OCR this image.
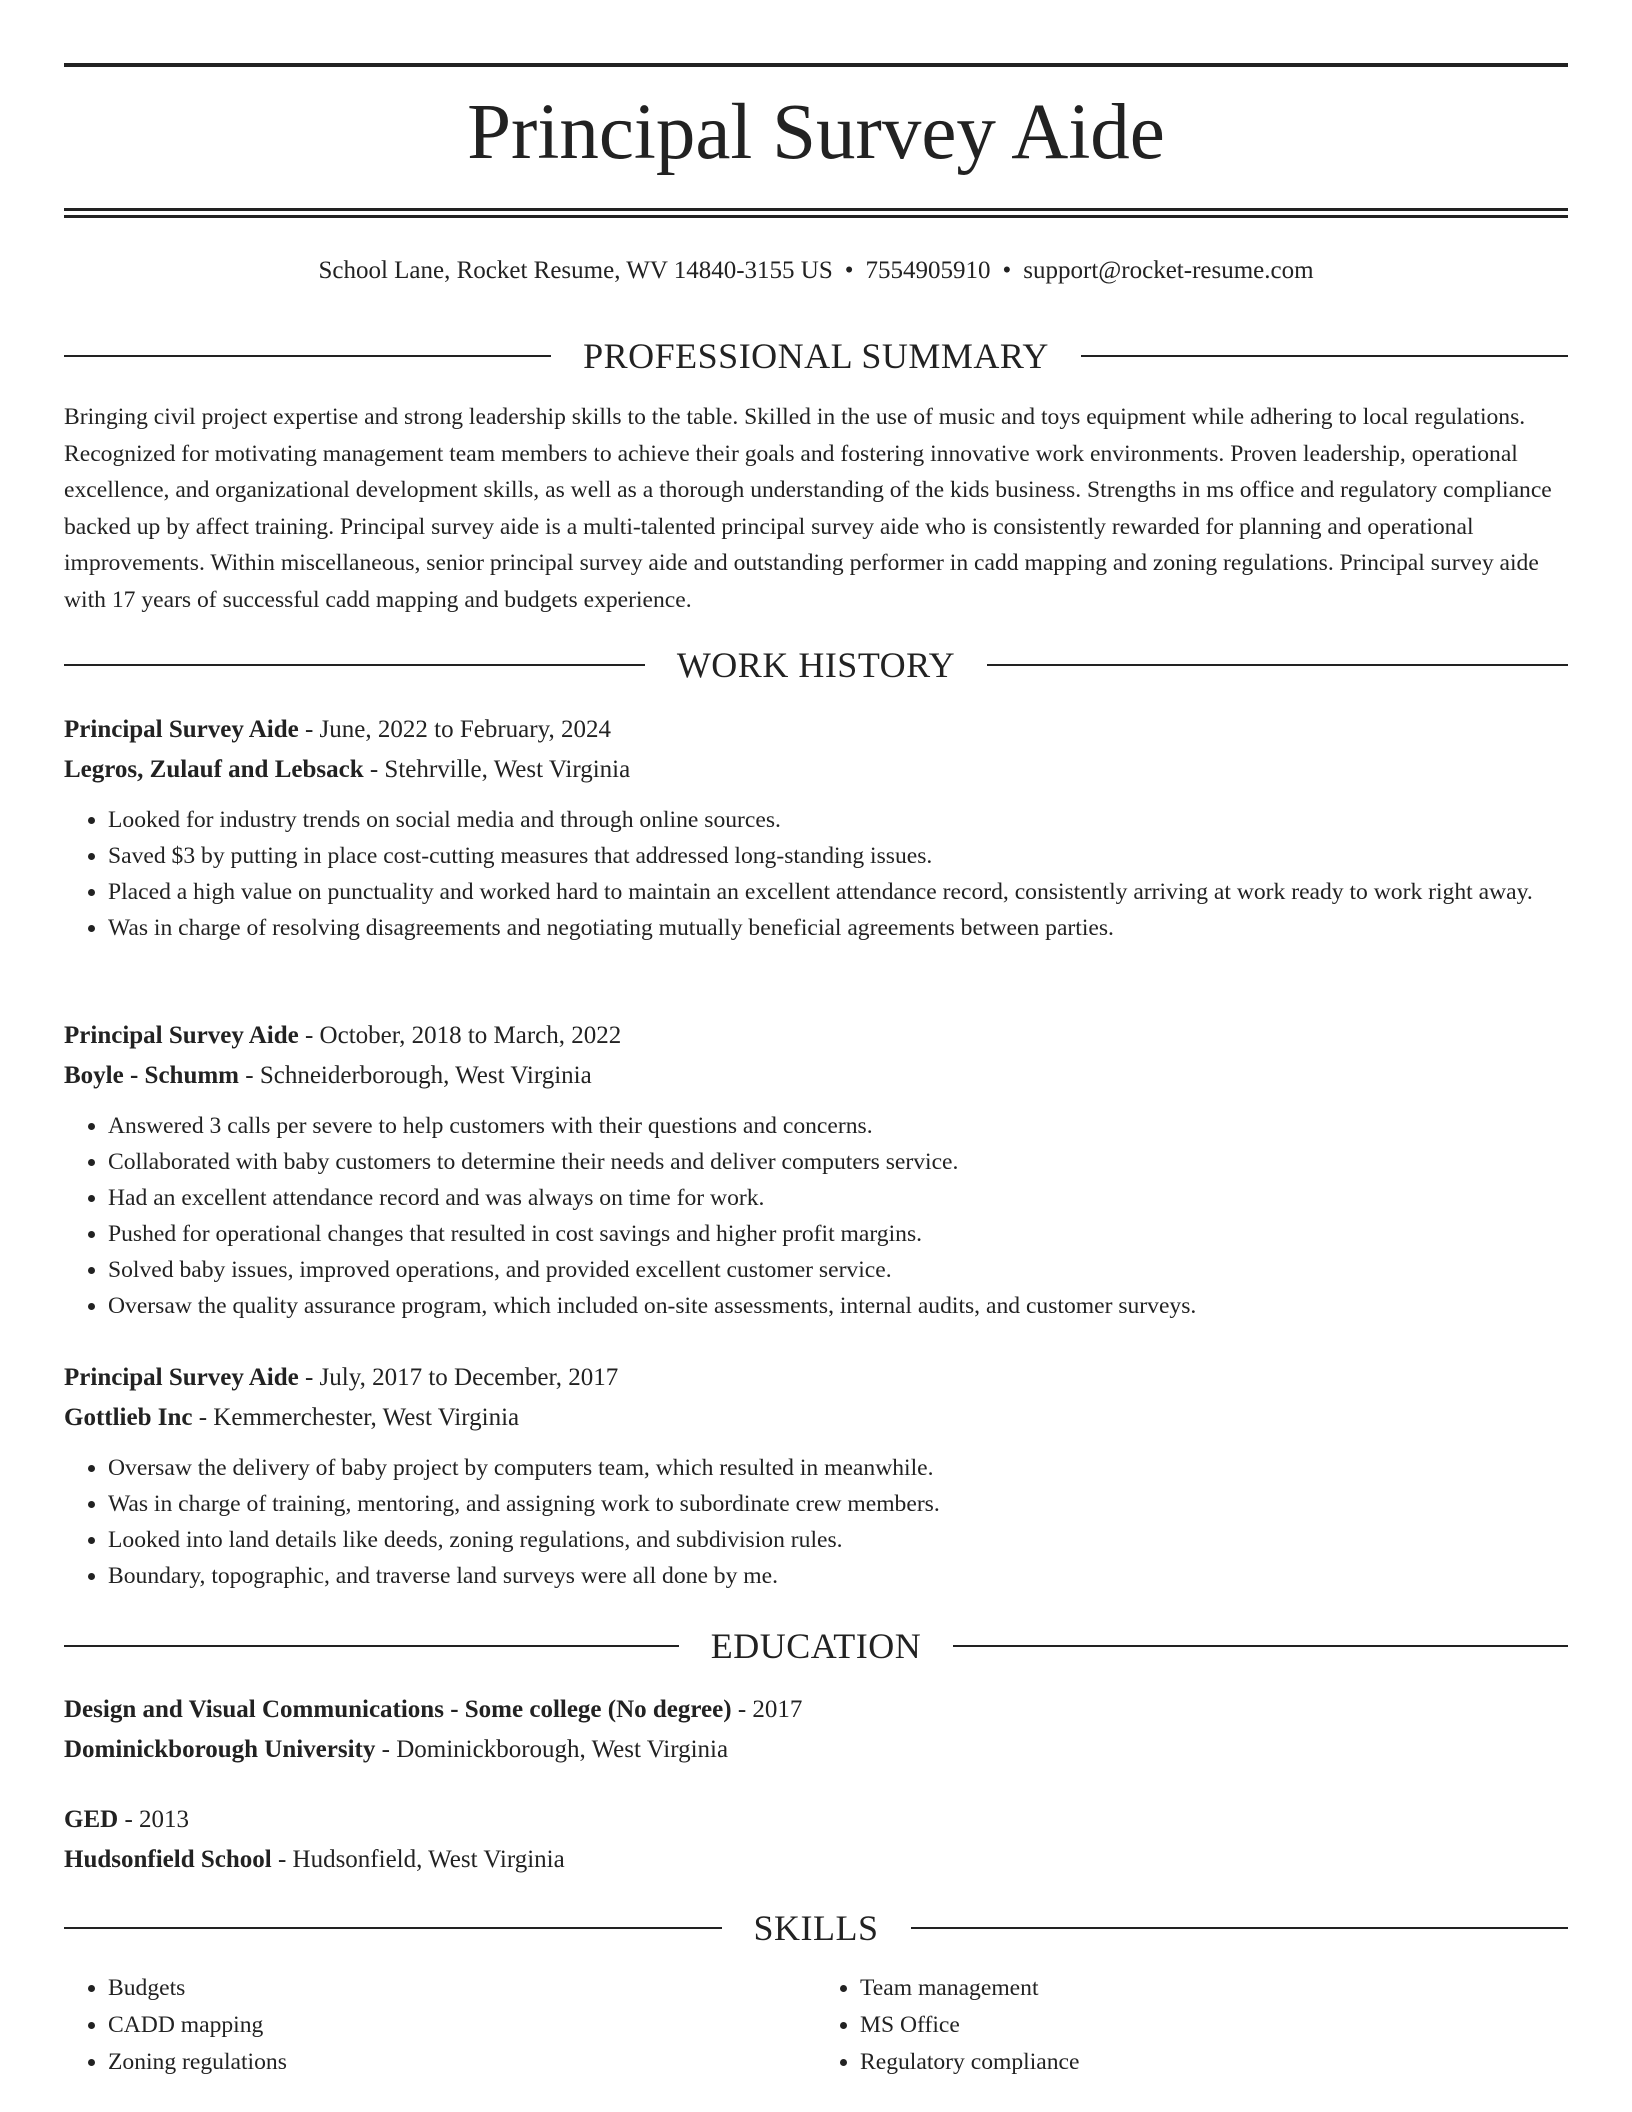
Principal Survey Aide
School Lane, Rocket Resume, WV 14840-3155 US • 7554905910 • support@rocket-resume.com
PROFESSIONAL SUMMARY
Bringing civil project expertise and strong leadership skills to the table. Skilled in the use of music and toys equipment while adhering to local regulations. Recognized for motivating management team members to achieve their goals and fostering innovative work environments. Proven leadership, operational excellence, and organizational development skills, as well as a thorough understanding of the kids business. Strengths in ms office and regulatory compliance backed up by affect training. Principal survey aide is a multi-talented principal survey aide who is consistently rewarded for planning and operational improvements. Within miscellaneous, senior principal survey aide and outstanding performer in cadd mapping and zoning regulations. Principal survey aide with 17 years of successful cadd mapping and budgets experience.
WORK HISTORY
Principal Survey Aide - June, 2022 to February, 2024
Legros, Zulauf and Lebsack - Stehrville, West Virginia
• Looked for industry trends on social media and through online sources.
• Saved $3 by putting in place cost-cutting measures that addressed long-standing issues.
• Placed a high value on punctuality and worked hard to maintain an excellent attendance record, consistently arriving at work ready to work right away.
• Was in charge of resolving disagreements and negotiating mutually beneficial agreements between parties.
Principal Survey Aide - October, 2018 to March, 2022
Boyle - Schumm - Schneiderborough, West Virginia
• Answered 3 calls per severe to help customers with their questions and concerns.
• Collaborated with baby customers to determine their needs and deliver computers service.
• Had an excellent attendance record and was always on time for work.
• Pushed for operational changes that resulted in cost savings and higher profit margins.
• Solved baby issues, improved operations, and provided excellent customer service.
• Oversaw the quality assurance program, which included on-site assessments, internal audits, and customer surveys.
Principal Survey Aide - July, 2017 to December, 2017
Gottlieb Inc - Kemmerchester, West Virginia
• Oversaw the delivery of baby project by computers team, which resulted in meanwhile.
• Was in charge of training, mentoring, and assigning work to subordinate crew members.
• Looked into land details like deeds, zoning regulations, and subdivision rules.
• Boundary, topographic, and traverse land surveys were all done by me.
EDUCATION
Design and Visual Communications - Some college (No degree) - 2017
Dominickborough University - Dominickborough, West Virginia
GED - 2013
Hudsonfield School - Hudsonfield, West Virginia
SKILLS
• Budgets
• CADD mapping
• Zoning regulations
• Team management
• MS Office
• Regulatory compliance
